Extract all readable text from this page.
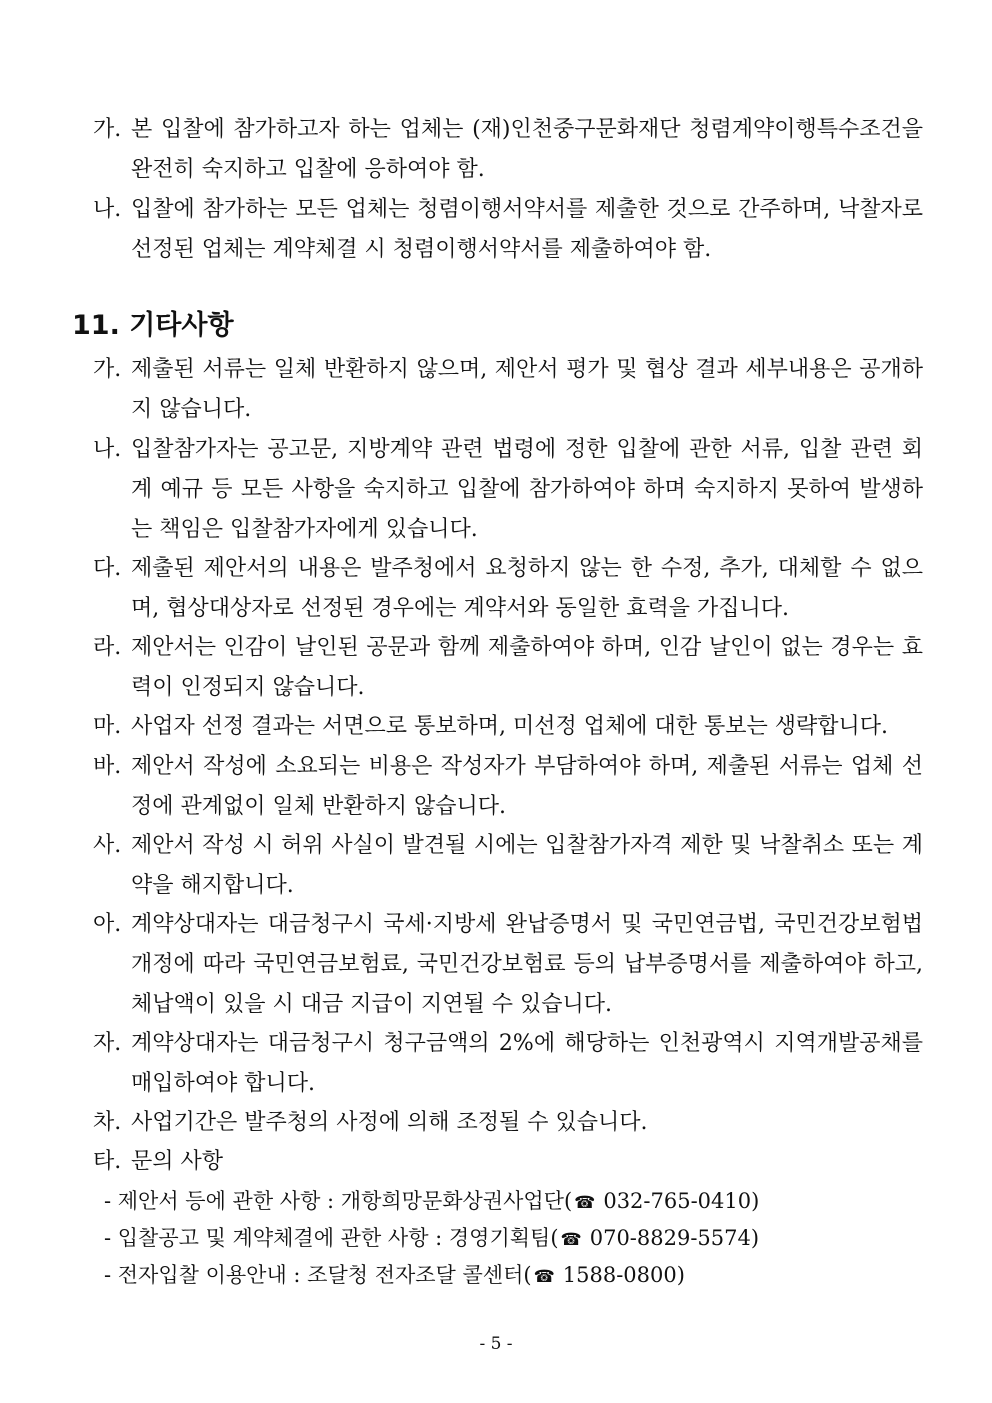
가. 본 입찰에 참가하고자 하는 업체는 (재)인천중구문화재단 청렴계약이행특수조건을 완전히 숙지하고 입찰에 응하여야 함.
나. 입찰에 참가하는 모든 업체는 청렴이행서약서를 제출한 것으로 간주하며, 낙찰자로 선정된 업체는 계약체결 시 청렴이행서약서를 제출하여야 함.
11. 기타사항
가. 제출된 서류는 일체 반환하지 않으며, 제안서 평가 및 협상 결과 세부내용은 공개하지 않습니다.
나. 입찰참가자는 공고문, 지방계약 관련 법령에 정한 입찰에 관한 서류, 입찰 관련 회계 예규 등 모든 사항을 숙지하고 입찰에 참가하여야 하며 숙지하지 못하여 발생하는 책임은 입찰참가자에게 있습니다.
다. 제출된 제안서의 내용은 발주청에서 요청하지 않는 한 수정, 추가, 대체할 수 없으며, 협상대상자로 선정된 경우에는 계약서와 동일한 효력을 가집니다.
라. 제안서는 인감이 날인된 공문과 함께 제출하여야 하며, 인감 날인이 없는 경우는 효력이 인정되지 않습니다.
마. 사업자 선정 결과는 서면으로 통보하며, 미선정 업체에 대한 통보는 생략합니다.
바. 제안서 작성에 소요되는 비용은 작성자가 부담하여야 하며, 제출된 서류는 업체 선정에 관계없이 일체 반환하지 않습니다.
사. 제안서 작성 시 허위 사실이 발견될 시에는 입찰참가자격 제한 및 낙찰취소 또는 계약을 해지합니다.
아. 계약상대자는 대금청구시 국세·지방세 완납증명서 및 국민연금법, 국민건강보험법 개정에 따라 국민연금보험료, 국민건강보험료 등의 납부증명서를 제출하여야 하고, 체납액이 있을 시 대금 지급이 지연될 수 있습니다.
자. 계약상대자는 대금청구시 청구금액의 2%에 해당하는 인천광역시 지역개발공채를 매입하여야 합니다.
차. 사업기간은 발주청의 사정에 의해 조정될 수 있습니다.
타. 문의 사항
- 제안서 등에 관한 사항 : 개항희망문화상권사업단( ☎ 032-765-0410)
- 입찰공고 및 계약체결에 관한 사항 : 경영기획팀( ☎ 070-8829-5574)
- 전자입찰 이용안내 : 조달청 전자조달 콜센터( ☎ 1588-0800)
- 5 -
